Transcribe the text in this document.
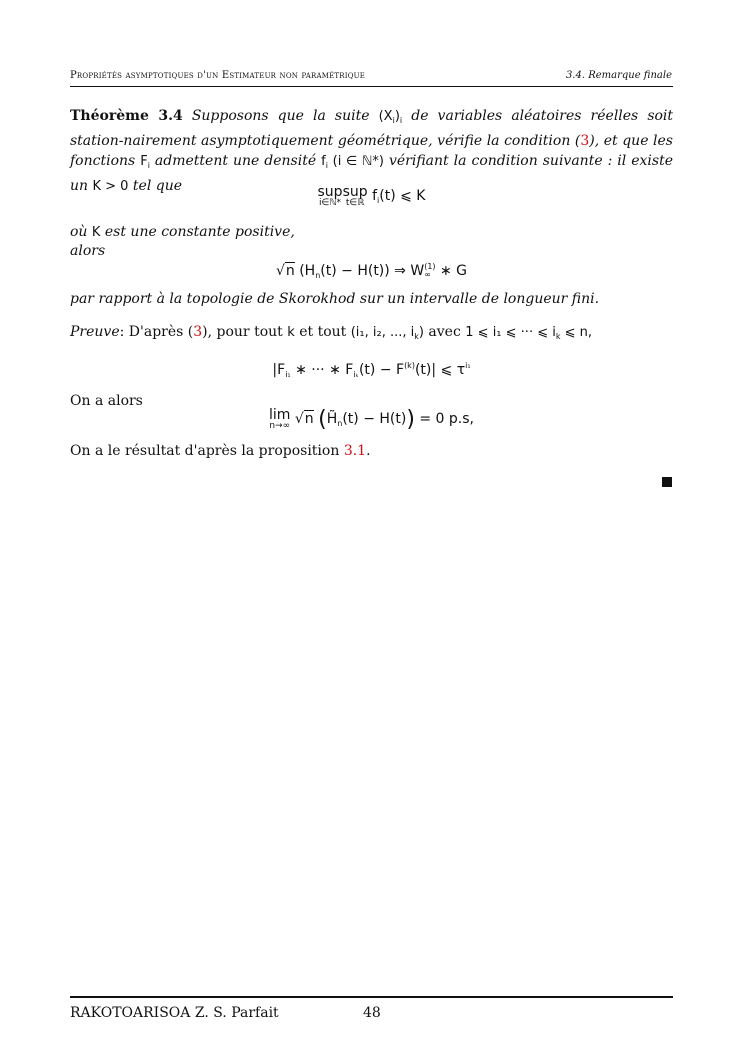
Propriétés asymptotiques d'un Estimateur non paramétrique	3.4. Remarque finale
Théorème 3.4 Supposons que la suite $(X_i)_i$ de variables aléatoires réelles soit station-nairement asymptotiquement géométrique, vérifie la condition (3), et que les fonctions $F_i$ admettent une densité $f_i$ (i ∈ ℕ*) vérifiant la condition suivante : il existe un K > 0 tel que	sup
i∈ℕ*
sup
t∈ℝ $f_i(t)$ ⩽ K
où K est une constante positive,
alors
√n $(H_n(t) - H(t))$ ⇒ W (1)
∞ ∗ G
par rapport à la topologie de Skorokhod sur un intervalle de longueur fini.
Preuve: D'après (3), pour tout k et tout (i₁, i₂, ..., $i_k$) avec 1 ⩽ i₁ ⩽ ··· ⩽ $i_k$ ⩽ n,
$|F_{i_1}$ ∗ ··· ∗ $F_{i_k}(t) - F^{(k)}(t)|$ ⩽ $\tau^{i_1}$
On a alors
lim
n→∞ √n $(H̃_n(t) - H(t)) = 0$ p.s,
On a le résultat d'après la proposition 3.1.
RAKOTOARISOA Z. S. Parfait	48
